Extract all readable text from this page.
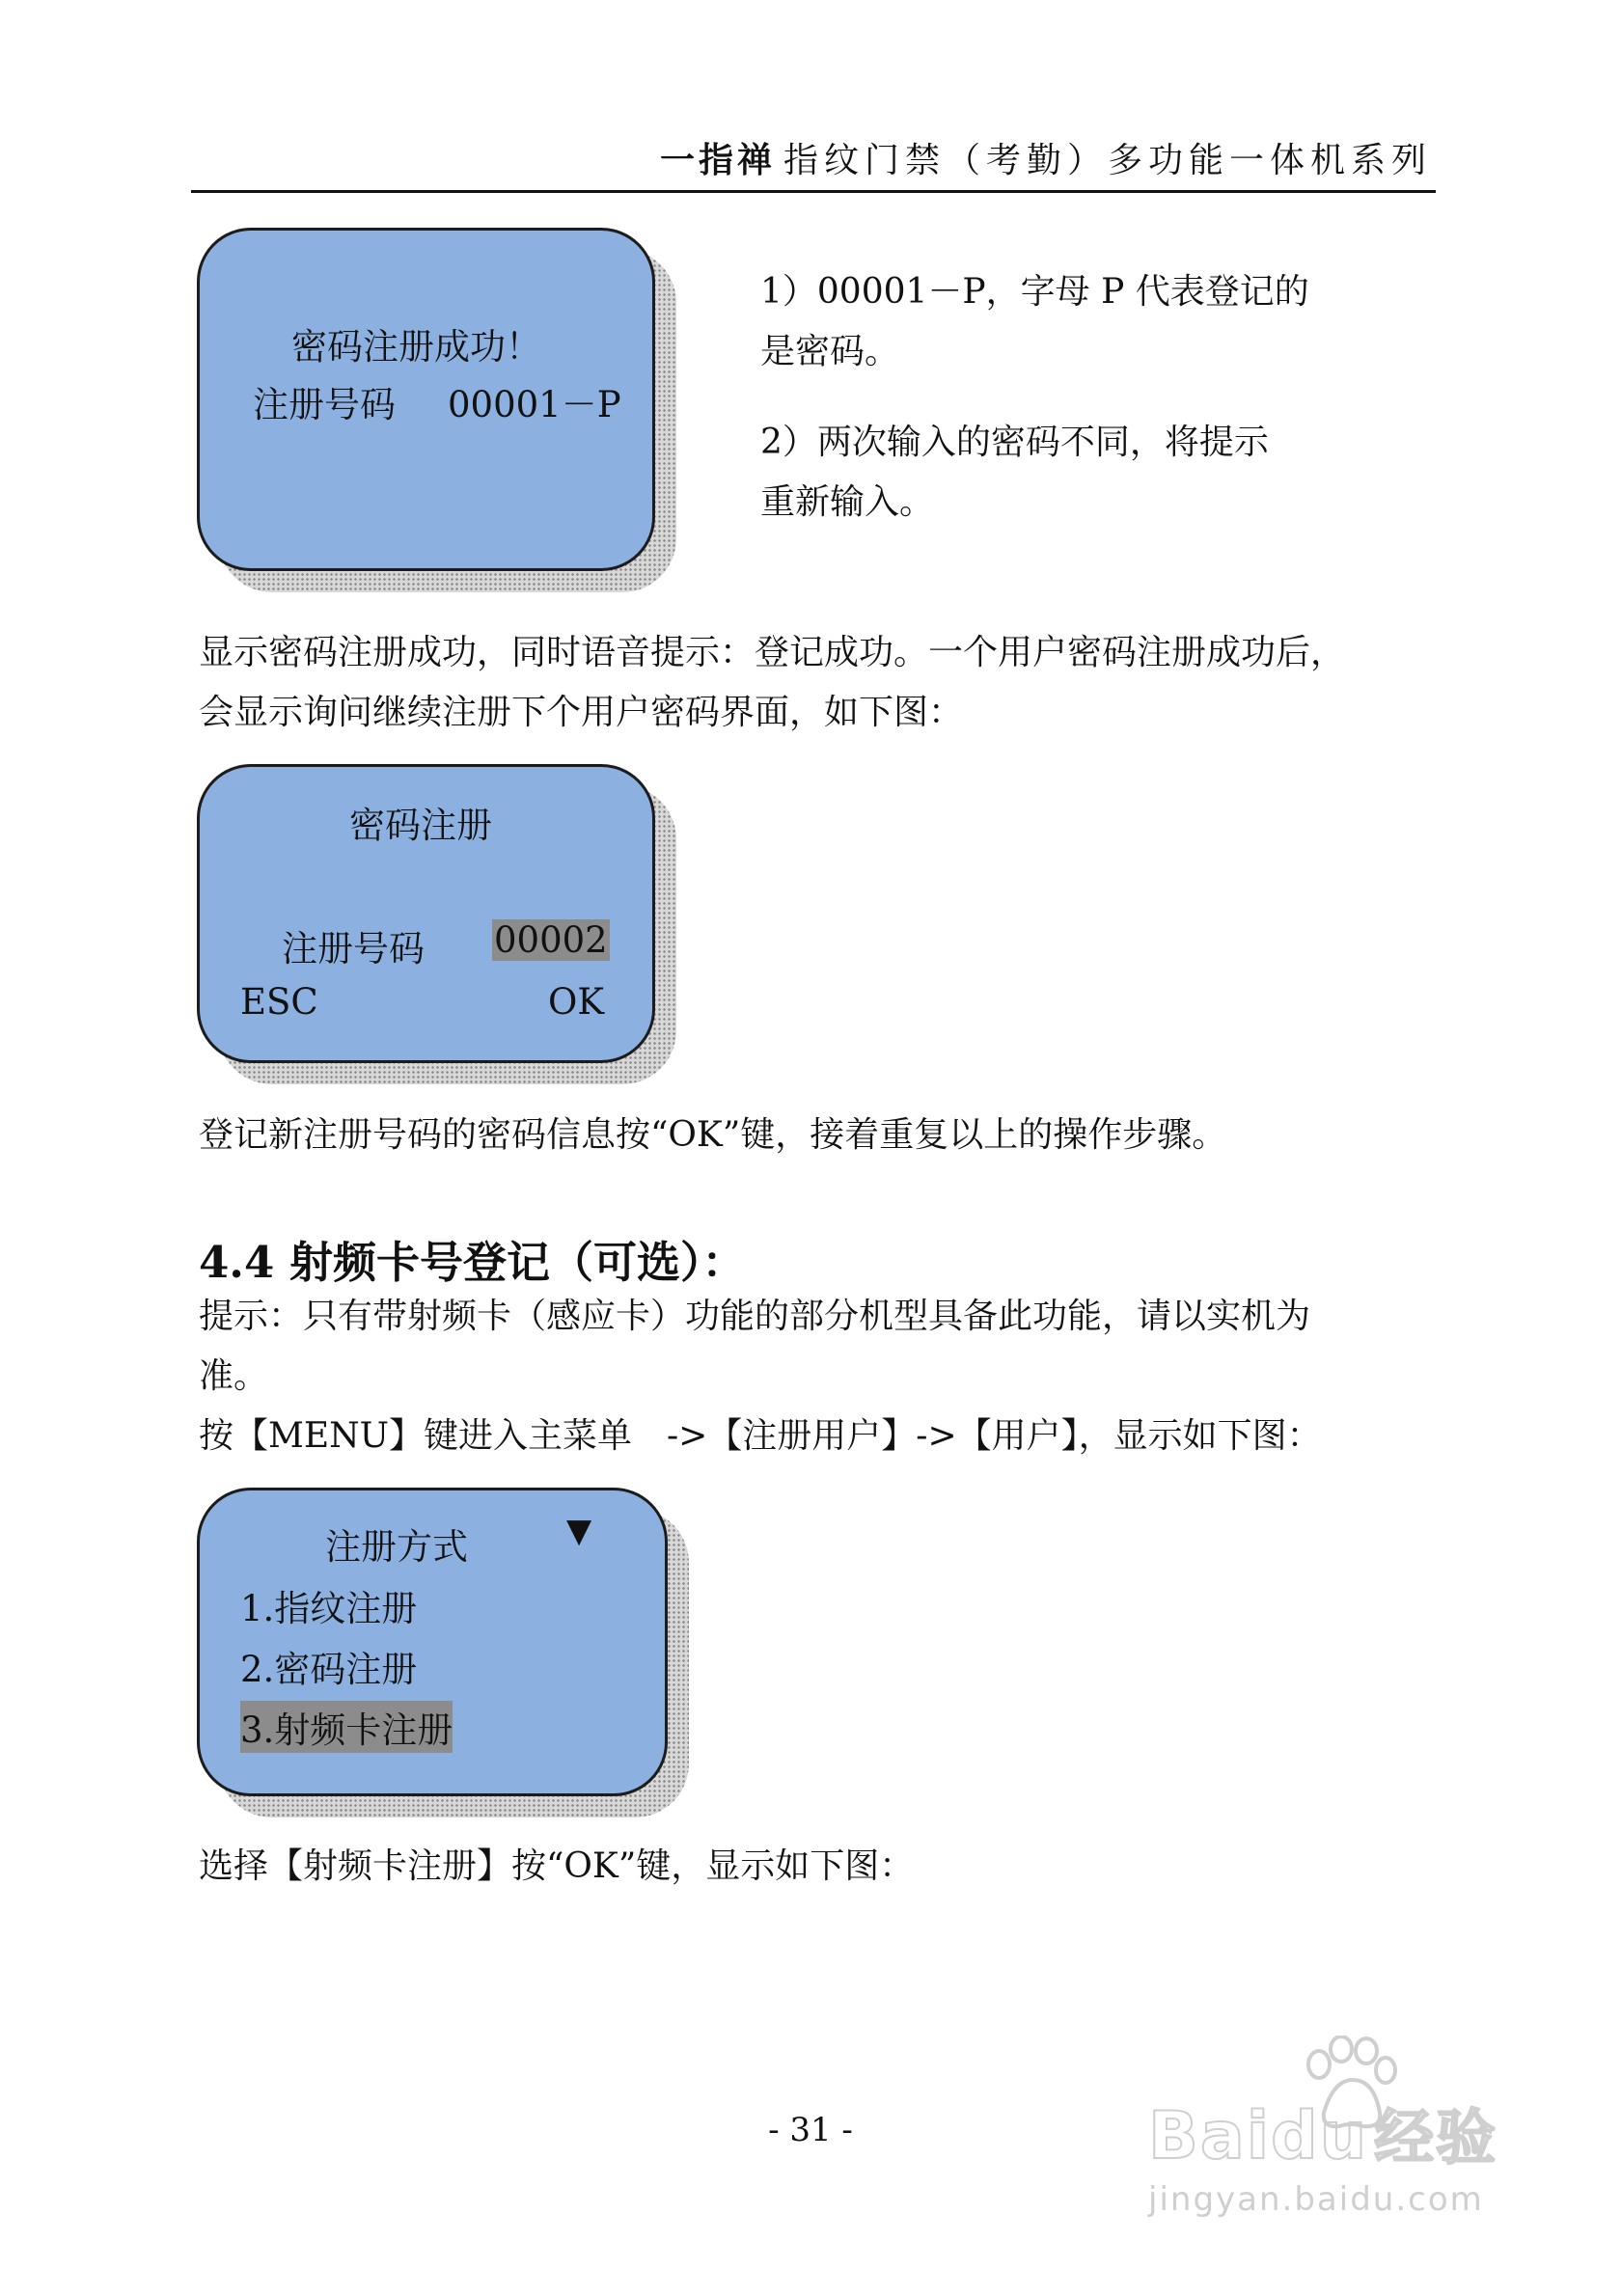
一指禅 指纹门禁（考勤）多功能一体机系列
密码注册成功！
注册号码 00001－P
1）00001－P，字母 P 代表登记的
是密码。
2）两次输入的密码不同，将提示
重新输入。
显示密码注册成功，同时语音提示：登记成功。一个用户密码注册成功后，
会显示询问继续注册下个用户密码界面，如下图：
密码注册
注册号码 00002
ESC	OK
登记新注册号码的密码信息按“OK”键，接着重复以上的操作步骤。
4.4 射频卡号登记（可选）：
提示：只有带射频卡（感应卡）功能的部分机型具备此功能，请以实机为
准。
按【MENU】键进入主菜单　->【注册用户】->【用户】，显示如下图：
注册方式	▼
1.指纹注册
2.密码注册
3.射频卡注册
选择【射频卡注册】按“OK”键，显示如下图：
- 31 -	Baidu经验
jingyan.baidu.com
